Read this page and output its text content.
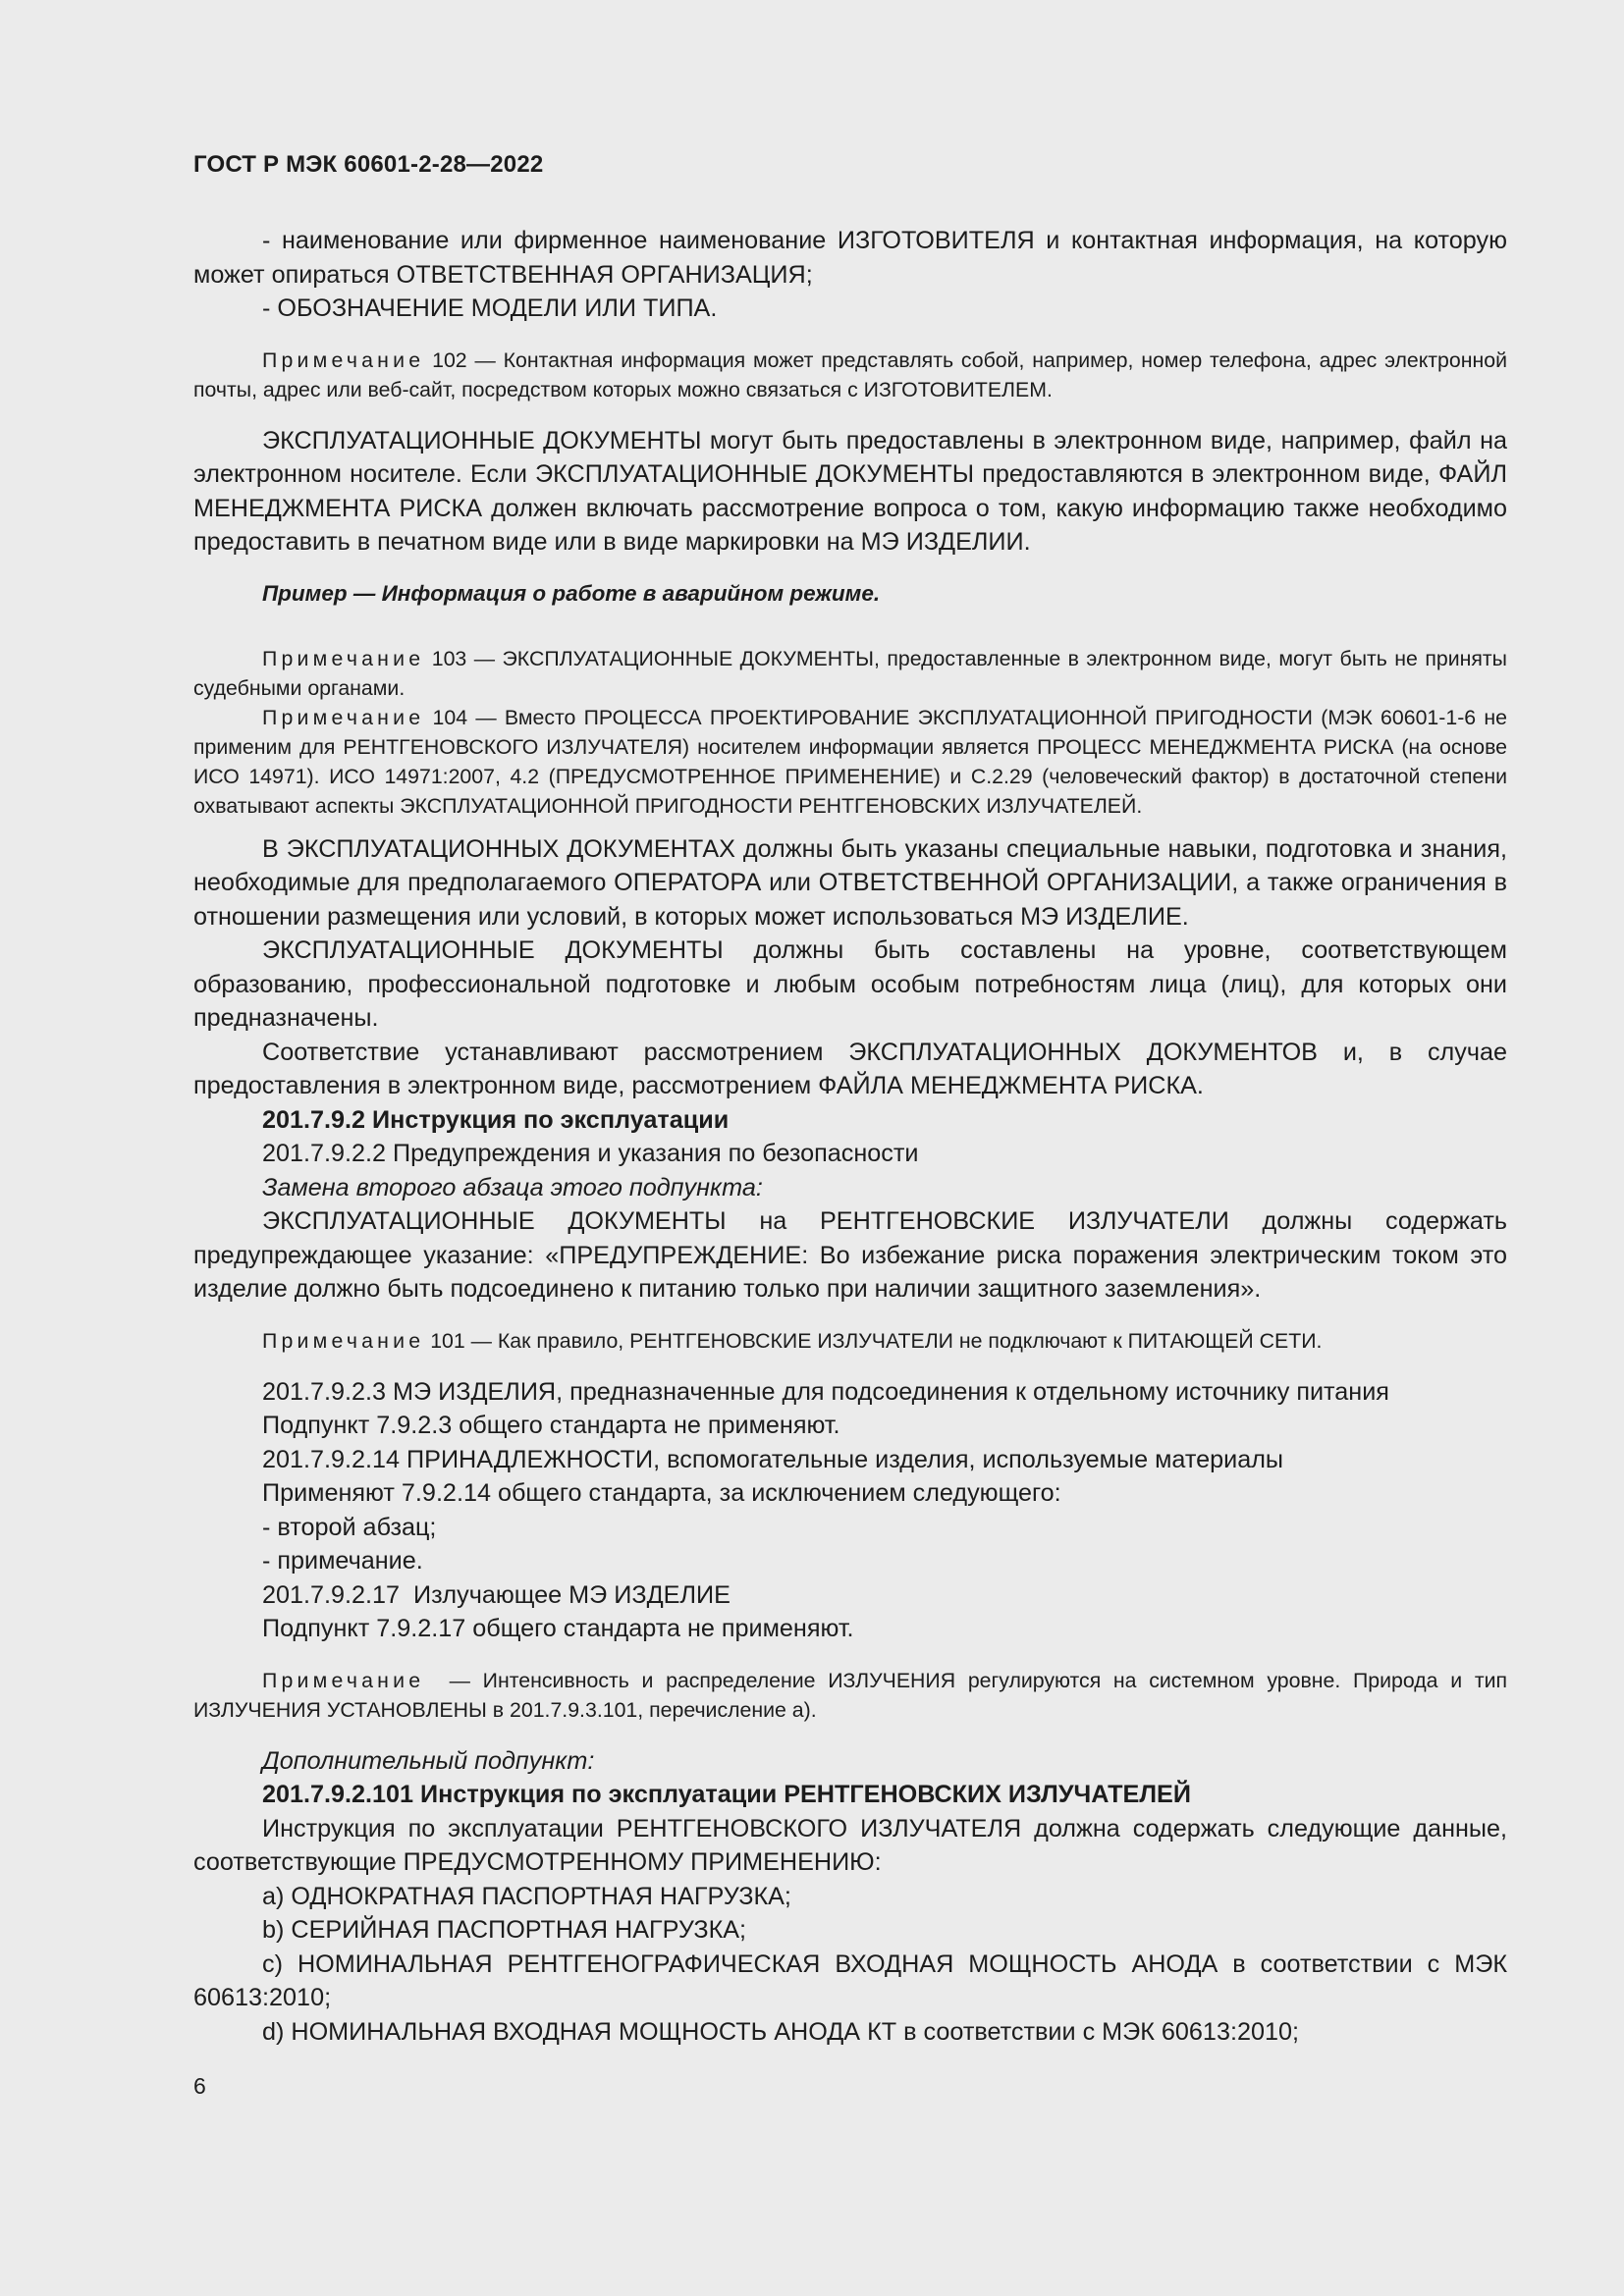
ГОСТ Р МЭК 60601-2-28—2022

- наименование или фирменное наименование ИЗГОТОВИТЕЛЯ и контактная информация, на которую может опираться ОТВЕТСТВЕННАЯ ОРГАНИЗАЦИЯ;

- ОБОЗНАЧЕНИЕ МОДЕЛИ ИЛИ ТИПА.

Примечание 102 — Контактная информация может представлять собой, например, номер телефона, адрес электронной почты, адрес или веб-сайт, посредством которых можно связаться с ИЗГОТОВИТЕЛЕМ.

ЭКСПЛУАТАЦИОННЫЕ ДОКУМЕНТЫ могут быть предоставлены в электронном виде, например, файл на электронном носителе. Если ЭКСПЛУАТАЦИОННЫЕ ДОКУМЕНТЫ предоставляются в электронном виде, ФАЙЛ МЕНЕДЖМЕНТА РИСКА должен включать рассмотрение вопроса о том, какую информацию также необходимо предоставить в печатном виде или в виде маркировки на МЭ ИЗДЕЛИИ.

Пример — Информация о работе в аварийном режиме.

Примечание 103 — ЭКСПЛУАТАЦИОННЫЕ ДОКУМЕНТЫ, предоставленные в электронном виде, могут быть не приняты судебными органами.

Примечание 104 — Вместо ПРОЦЕССА ПРОЕКТИРОВАНИЕ ЭКСПЛУАТАЦИОННОЙ ПРИГОДНОСТИ (МЭК 60601-1-6 не применим для РЕНТГЕНОВСКОГО ИЗЛУЧАТЕЛЯ) носителем информации является ПРОЦЕСС МЕНЕДЖМЕНТА РИСКА (на основе ИСО 14971). ИСО 14971:2007, 4.2 (ПРЕДУСМОТРЕННОЕ ПРИМЕНЕНИЕ) и С.2.29 (человеческий фактор) в достаточной степени охватывают аспекты ЭКСПЛУАТАЦИОННОЙ ПРИГОДНОСТИ РЕНТГЕНОВСКИХ ИЗЛУЧАТЕЛЕЙ.

В ЭКСПЛУАТАЦИОННЫХ ДОКУМЕНТАХ должны быть указаны специальные навыки, подготовка и знания, необходимые для предполагаемого ОПЕРАТОРА или ОТВЕТСТВЕННОЙ ОРГАНИЗАЦИИ, а также ограничения в отношении размещения или условий, в которых может использоваться МЭ ИЗДЕЛИЕ.

ЭКСПЛУАТАЦИОННЫЕ ДОКУМЕНТЫ должны быть составлены на уровне, соответствующем образованию, профессиональной подготовке и любым особым потребностям лица (лиц), для которых они предназначены.

Соответствие устанавливают рассмотрением ЭКСПЛУАТАЦИОННЫХ ДОКУМЕНТОВ и, в случае предоставления в электронном виде, рассмотрением ФАЙЛА МЕНЕДЖМЕНТА РИСКА.

201.7.9.2 Инструкция по эксплуатации

201.7.9.2.2 Предупреждения и указания по безопасности

Замена второго абзаца этого подпункта:

ЭКСПЛУАТАЦИОННЫЕ ДОКУМЕНТЫ на РЕНТГЕНОВСКИЕ ИЗЛУЧАТЕЛИ должны содержать предупреждающее указание: «ПРЕДУПРЕЖДЕНИЕ: Во избежание риска поражения электрическим током это изделие должно быть подсоединено к питанию только при наличии защитного заземления».

Примечание 101 — Как правило, РЕНТГЕНОВСКИЕ ИЗЛУЧАТЕЛИ не подключают к ПИТАЮЩЕЙ СЕТИ.

201.7.9.2.3 МЭ ИЗДЕЛИЯ, предназначенные для подсоединения к отдельному источнику питания

Подпункт 7.9.2.3 общего стандарта не применяют.

201.7.9.2.14 ПРИНАДЛЕЖНОСТИ, вспомогательные изделия, используемые материалы

Применяют 7.9.2.14 общего стандарта, за исключением следующего:

- второй абзац;

- примечание.

201.7.9.2.17  Излучающее МЭ ИЗДЕЛИЕ

Подпункт 7.9.2.17 общего стандарта не применяют.

Примечание  — Интенсивность и распределение ИЗЛУЧЕНИЯ регулируются на системном уровне. Природа и тип ИЗЛУЧЕНИЯ УСТАНОВЛЕНЫ в 201.7.9.3.101, перечисление а).

Дополнительный подпункт:

201.7.9.2.101 Инструкция по эксплуатации РЕНТГЕНОВСКИХ ИЗЛУЧАТЕЛЕЙ

Инструкция по эксплуатации РЕНТГЕНОВСКОГО ИЗЛУЧАТЕЛЯ должна содержать следующие данные, соответствующие ПРЕДУСМОТРЕННОМУ ПРИМЕНЕНИЮ:

a) ОДНОКРАТНАЯ ПАСПОРТНАЯ НАГРУЗКА;

b) СЕРИЙНАЯ ПАСПОРТНАЯ НАГРУЗКА;

c) НОМИНАЛЬНАЯ РЕНТГЕНОГРАФИЧЕСКАЯ ВХОДНАЯ МОЩНОСТЬ АНОДА в соответствии с МЭК 60613:2010;

d) НОМИНАЛЬНАЯ ВХОДНАЯ МОЩНОСТЬ АНОДА КТ в соответствии с МЭК 60613:2010;

6
